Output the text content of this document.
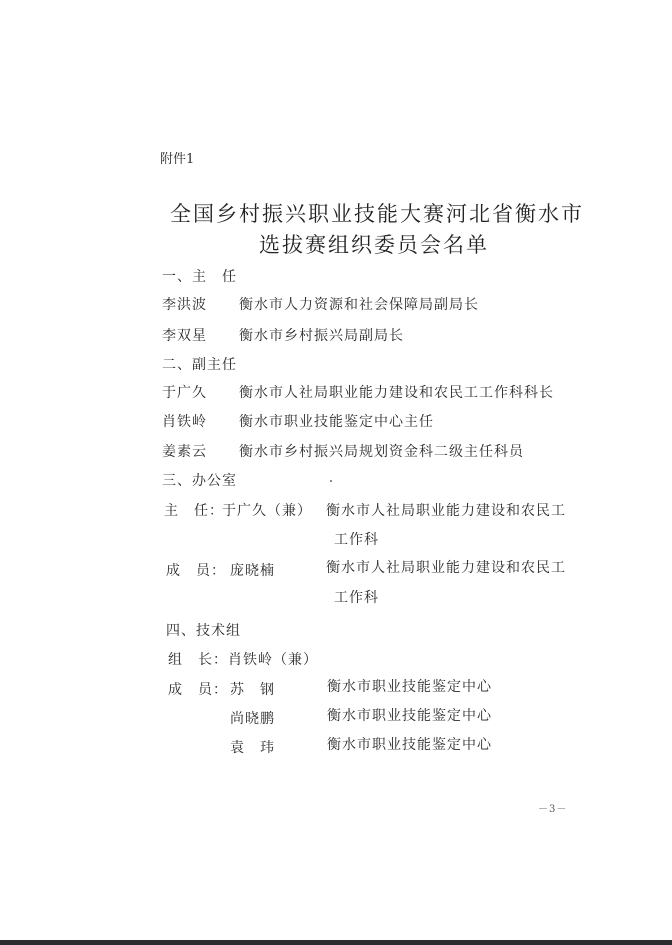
附件1
全国乡村振兴职业技能大赛河北省衡水市
选拔赛组织委员会名单
一、主　任
李洪波 衡水市人力资源和社会保障局副局长
李双星 衡水市乡村振兴局副局长
二、副主任
于广久 衡水市人社局职业能力建设和农民工工作科科长
肖铁岭 衡水市职业技能鉴定中心主任
姜素云 衡水市乡村振兴局规划资金科二级主任科员
三、办公室
主　任：
于广久（兼） 衡水市人社局职业能力建设和农民工
工作科
成　员： 庞晓楠	衡水市人社局职业能力建设和农民工
工作科
四、技术组
组　长： 肖铁岭（兼）
成　员： 苏　钢	衡水市职业技能鉴定中心
尚晓鹏	衡水市职业技能鉴定中心
袁　玮	衡水市职业技能鉴定中心
－3－
